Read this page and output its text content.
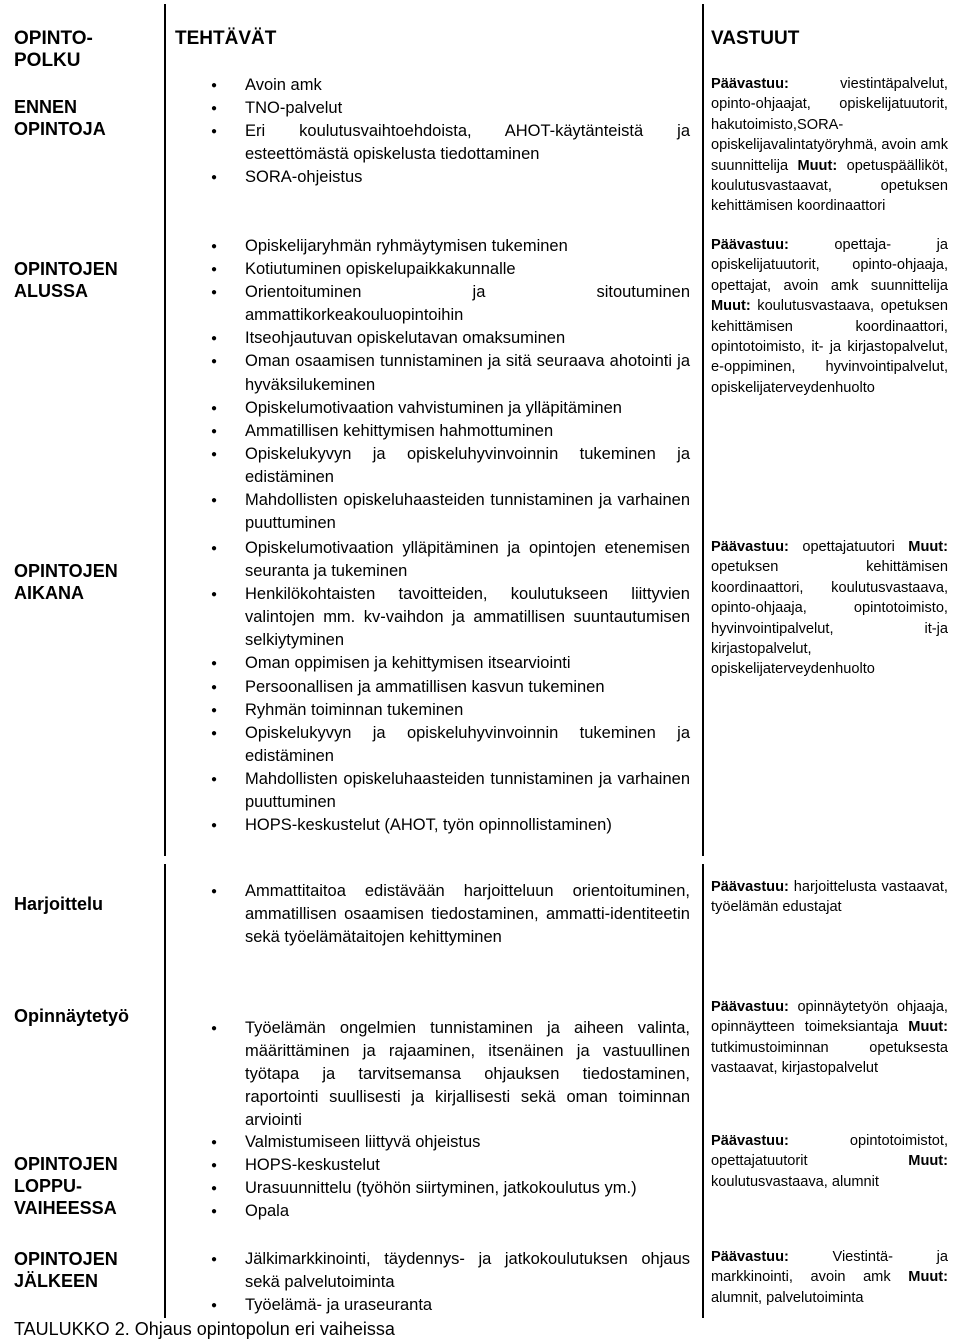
OPINTO-
POLKU
TEHTÄVÄT	VASTUUT
ENNEN
OPINTOJA
● Avoin amk
● TNO-palvelut
● Eri koulutusvaihtoehdoista, AHOT-käytänteistä ja esteettömästä opiskelusta tiedottaminen
● SORA-ohjeistus
Päävastuu:	viestintäpalvelut, opinto-ohjaajat, opiskelijatuutorit, hakutoimisto,SORA-opiskelijavalintatyöryhmä, avoin amk suunnittelija Muut: opetuspäälliköt, koulutusvastaavat, opetuksen kehittämisen koordinaattori
OPINTOJEN
ALUSSA
● Opiskelijaryhmän ryhmäytymisen tukeminen
● Kotiutuminen opiskelupaikkakunnalle
● Orientoituminen ja sitoutuminen ammattikorkeakouluopintoihin
● Itseohjautuvan opiskelutavan omaksuminen
● Oman osaamisen tunnistaminen ja sitä seuraava ahotointi ja hyväksilukeminen
● Opiskelumotivaation vahvistuminen ja ylläpitäminen
● Ammatillisen kehittymisen hahmottuminen
● Opiskelukyvyn ja opiskeluhyvinvoinnin tukeminen ja edistäminen
● Mahdollisten opiskeluhaasteiden tunnistaminen ja varhainen puuttuminen
Päävastuu:	opettaja- ja opiskelijatuutorit, opinto-ohjaaja, opettajat, avoin amk suunnittelija Muut: koulutusvastaava, opetuksen kehittämisen koordinaattori, opintotoimisto, it- ja kirjastopalvelut, e-oppiminen, hyvinvointipalvelut, opiskelijaterveydenhuolto
OPINTOJEN
AIKANA
● Opiskelumotivaation ylläpitäminen ja opintojen etenemisen seuranta ja tukeminen
● Henkilökohtaisten tavoitteiden, koulutukseen liittyvien valintojen mm. kv-vaihdon ja ammatillisen suuntautumisen selkiytyminen
● Oman oppimisen ja kehittymisen itsearviointi
● Persoonallisen ja ammatillisen kasvun tukeminen
● Ryhmän toiminnan tukeminen
● Opiskelukyvyn ja opiskeluhyvinvoinnin tukeminen ja edistäminen
● Mahdollisten opiskeluhaasteiden tunnistaminen ja varhainen puuttuminen
● HOPS-keskustelut (AHOT, työn opinnollistaminen)
Päävastuu: opettajatuutori Muut: opetuksen kehittämisen koordinaattori, koulutusvastaava, opinto-ohjaaja, opintotoimisto, hyvinvointipalvelut, it-ja kirjastopalvelut, opiskelijaterveydenhuolto
Harjoittelu
● Ammattitaitoa edistävään harjoitteluun orientoituminen, ammatillisen osaamisen tiedostaminen, ammatti-identiteetin sekä työelämätaitojen kehittyminen
Päävastuu: harjoittelusta vastaavat, työelämän edustajat
Opinnäytetyö
● Työelämän ongelmien tunnistaminen ja aiheen valinta, määrittäminen ja rajaaminen, itsenäinen ja vastuullinen työtapa ja tarvitsemansa ohjauksen tiedostaminen, raportointi suullisesti ja kirjallisesti sekä oman toiminnan arviointi
Päävastuu: opinnäytetyön ohjaaja, opinnäytteen toimeksiantaja Muut: tutkimustoiminnan opetuksesta vastaavat, kirjastopalvelut
OPINTOJEN
LOPPU-
VAIHEESSA
● Valmistumiseen liittyvä ohjeistus
● HOPS-keskustelut
● Urasuunnittelu (työhön siirtyminen, jatkokoulutus ym.)
● Opala
Päävastuu:	opintotoimistot, opettajatuutorit	Muut: koulutusvastaava, alumnit
OPINTOJEN
JÄLKEEN
● Jälkimarkkinointi, täydennys- ja jatkokoulutuksen ohjaus sekä palvelutoiminta
● Työelämä- ja uraseuranta
Päävastuu:	Viestintä- ja markkinointi, avoin amk Muut: alumnit, palvelutoiminta
TAULUKKO 2. Ohjaus opintopolun eri vaiheissa
